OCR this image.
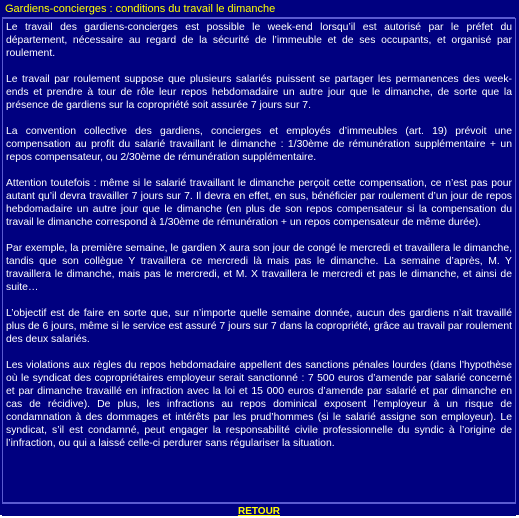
Gardiens-concierges : conditions du travail le dimanche

Le travail des gardiens-concierges est possible le week-end lorsqu’il est autorisé par le préfet du département, nécessaire au regard de la sécurité de l’immeuble et de ses occupants, et organisé par roulement.

Le travail par roulement suppose que plusieurs salariés puissent se partager les permanences des week-ends et prendre à tour de rôle leur repos hebdomadaire un autre jour que le dimanche, de sorte que la présence de gardiens sur la copropriété soit assurée 7 jours sur 7.

La convention collective des gardiens, concierges et employés d’immeubles (art. 19) prévoit une compensation au profit du salarié travaillant le dimanche : 1/30ème de rémunération supplémentaire + un repos compensateur, ou 2/30ème de rémunération supplémentaire.

Attention toutefois : même si le salarié travaillant le dimanche perçoit cette compensation, ce n’est pas pour autant qu’il devra travailler 7 jours sur 7. Il devra en effet, en sus, bénéficier par roulement d’un jour de repos hebdomadaire un autre jour que le dimanche (en plus de son repos compensateur si la compensation du travail le dimanche correspond à 1/30ème de rémunération + un repos compensateur de même durée).

Par exemple, la première semaine, le gardien X aura son jour de congé le mercredi et travaillera le dimanche, tandis que son collègue Y travaillera ce mercredi là mais pas le dimanche. La semaine d’après, M. Y travaillera le dimanche, mais pas le mercredi, et M. X travaillera le mercredi et pas le dimanche, et ainsi de suite…

L’objectif est de faire en sorte que, sur n’importe quelle semaine donnée, aucun des gardiens n’ait travaillé plus de 6 jours, même si le service est assuré 7 jours sur 7 dans la copropriété, grâce au travail par roulement des deux salariés.

Les violations aux règles du repos hebdomadaire appellent des sanctions pénales lourdes (dans l’hypothèse où le syndicat des copropriétaires employeur serait sanctionné : 7 500 euros d’amende par salarié concerné et par dimanche travaillé en infraction avec la loi et 15 000 euros d’amende par salarié et par dimanche en cas de récidive). De plus, les infractions au repos dominical exposent l’employeur à un risque de condamnation à des dommages et intérêts par les prud’hommes (si le salarié assigne son employeur). Le syndicat, s’il est condamné, peut engager la responsabilité civile professionnelle du syndic à l’origine de l’infraction, ou qui a laissé celle-ci perdurer sans régulariser la situation.

RETOUR
